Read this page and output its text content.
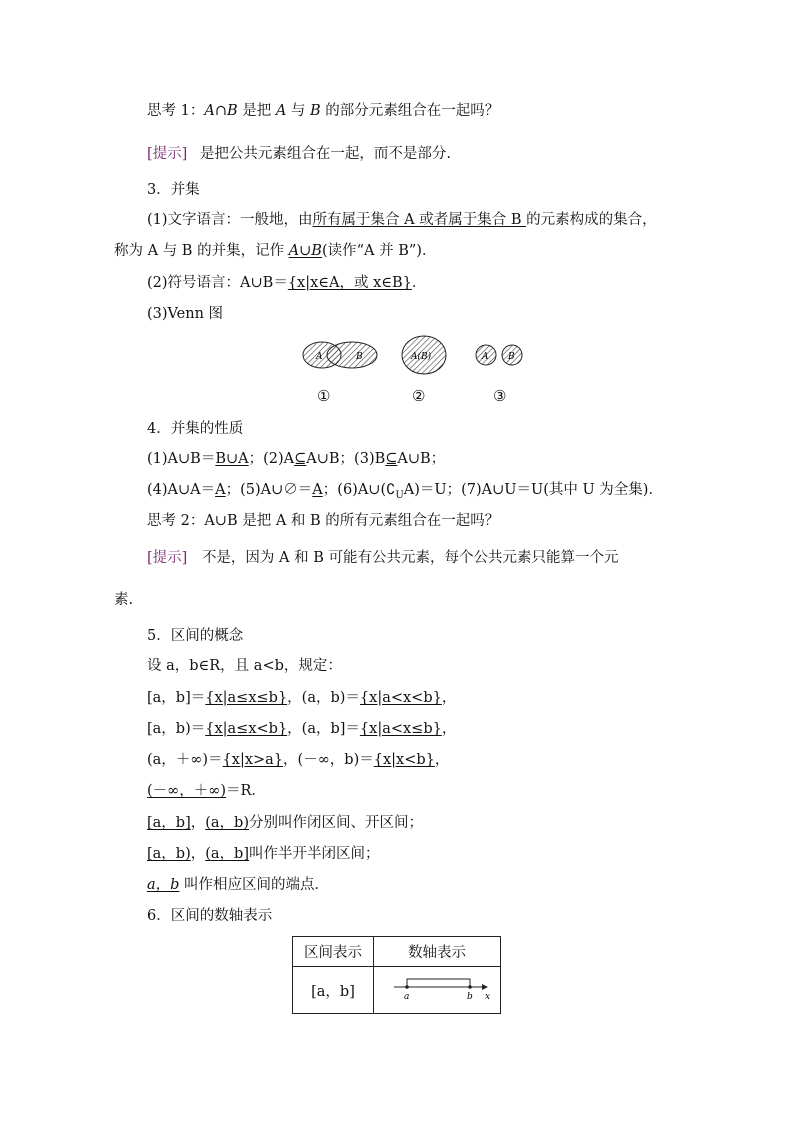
思考 1：A∩B 是把 A 与 B 的部分元素组合在一起吗？
[提示] 是把公共元素组合在一起，而不是部分.
3．并集
(1)文字语言：一般地，由所有属于集合 A 或者属于集合 B 的元素构成的集合，
称为 A 与 B 的并集，记作 A∪B(读作“A 并 B”)．
(2)符号语言：A∪B＝{x|x∈A，或 x∈B}．
(3)Venn 图
A	B	A(B)	A B
①	②	③
4．并集的性质
(1)A∪B＝B∪A；(2)A⊆A∪B；(3)B⊆A∪B；
(4)A∪A＝A；(5)A∪∅＝A；$(6)A\cup(∁_UA)=U$；(7)A∪U＝U(其中 U 为全集)．
思考 2：A∪B 是把 A 和 B 的所有元素组合在一起吗？
[提示] 不是，因为 A 和 B 可能有公共元素，每个公共元素只能算一个元
素.
5．区间的概念
设 a，b∈R，且 a<b，规定：
[a，b]＝{x|a≤x≤b}，(a，b)＝{x|a<x<b}，
[a，b)＝{x|a≤x<b}，(a，b]＝{x|a<x≤b}，
(a，＋∞)＝{x|x>a}，(－∞，b)＝{x|x<b}，
(－∞，＋∞)＝R．
[a，b]，(a，b)分别叫作闭区间、开区间；
[a，b)，(a，b]叫作半开半闭区间；
a，b 叫作相应区间的端点．
6．区间的数轴表示
区间表示	数轴表示
[a，b]	a b x
